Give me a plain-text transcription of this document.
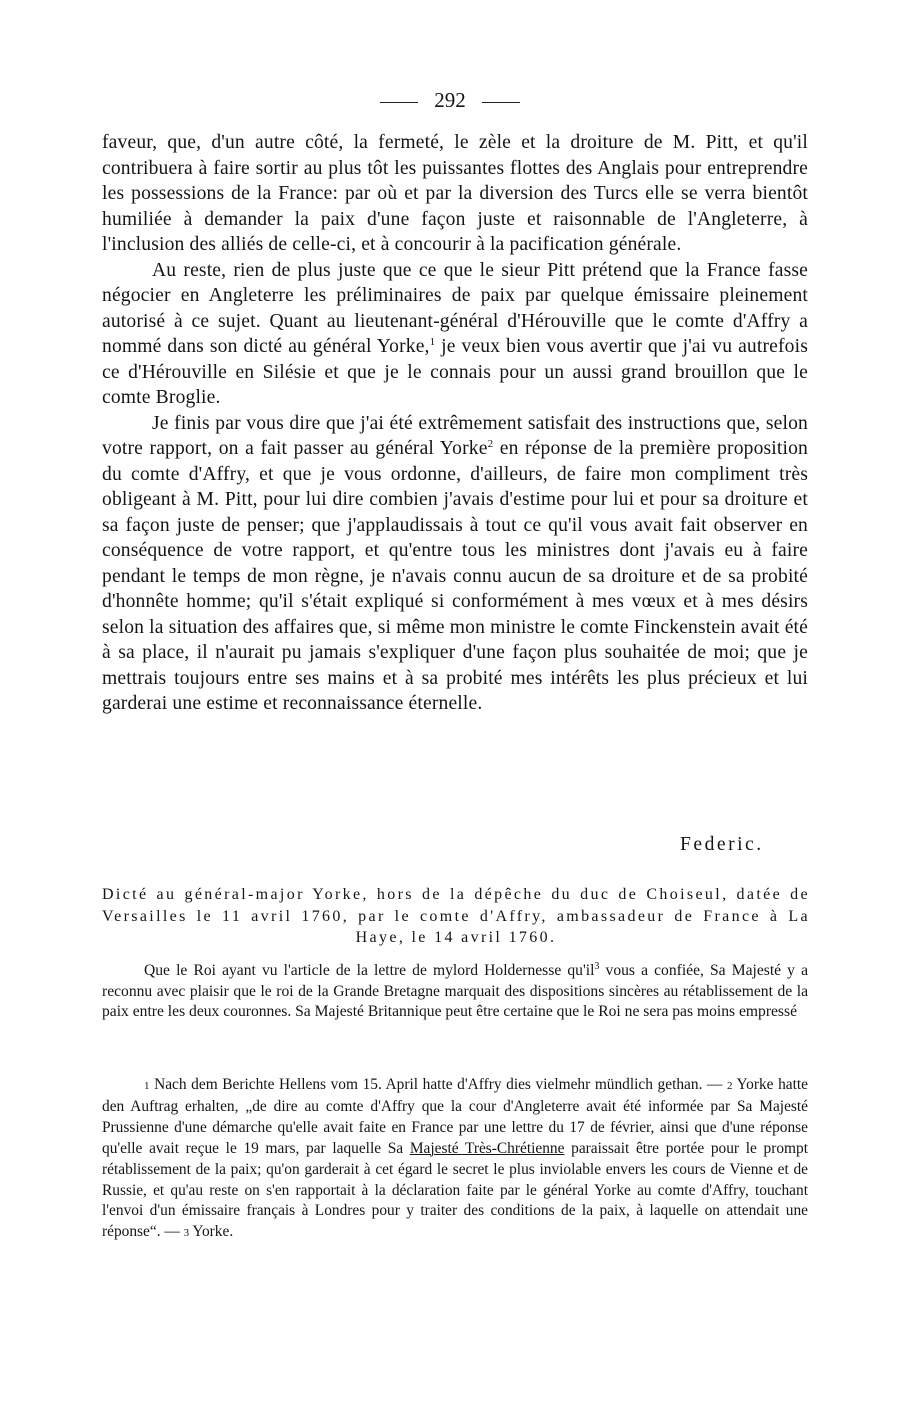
292

faveur, que, d'un autre côté, la fermeté, le zèle et la droiture de M. Pitt, et qu'il contribuera à faire sortir au plus tôt les puissantes flottes des Anglais pour entreprendre les possessions de la France: par où et par la diversion des Turcs elle se verra bientôt humiliée à demander la paix d'une façon juste et raisonnable de l'Angleterre, à l'inclusion des alliés de celle-ci, et à concourir à la pacification générale.

Au reste, rien de plus juste que ce que le sieur Pitt prétend que la France fasse négocier en Angleterre les préliminaires de paix par quelque émissaire pleinement autorisé à ce sujet. Quant au lieutenant-général d'Hérouville que le comte d'Affry a nommé dans son dicté au général Yorke,$^1$ je veux bien vous avertir que j'ai vu autrefois ce d'Hérouville en Silésie et que je le connais pour un aussi grand brouillon que le comte Broglie.

Je finis par vous dire que j'ai été extrêmement satisfait des instructions que, selon votre rapport, on a fait passer au général Yorke$^2$ en réponse de la première proposition du comte d'Affry, et que je vous ordonne, d'ailleurs, de faire mon compliment très obligeant à M. Pitt, pour lui dire combien j'avais d'estime pour lui et pour sa droiture et sa façon juste de penser; que j'applaudissais à tout ce qu'il vous avait fait observer en conséquence de votre rapport, et qu'entre tous les ministres dont j'avais eu à faire pendant le temps de mon règne, je n'avais connu aucun de sa droiture et de sa probité d'honnête homme; qu'il s'était expliqué si conformément à mes vœux et à mes désirs selon la situation des affaires que, si même mon ministre le comte Finckenstein avait été à sa place, il n'aurait pu jamais s'expliquer d'une façon plus souhaitée de moi; que je mettrais toujours entre ses mains et à sa probité mes intérêts les plus précieux et lui garderai une estime et reconnaissance éternelle.

Federic.
Dicté au général-major Yorke, hors de la dépêche du duc de Choiseul, datée de Versailles le 11 avril 1760, par le comte d'Affry, ambassadeur de France à La Haye, le 14 avril 1760.

Que le Roi ayant vu l'article de la lettre de mylord Holdernesse $qu'il^3$ vous a confiée, Sa Majesté y a reconnu avec plaisir que le roi de la Grande Bretagne marquait des dispositions sincères au rétablissement de la paix entre les deux couronnes. Sa Majesté Britannique peut être certaine que le Roi ne sera pas moins empressé

1 Nach dem Berichte Hellens vom 15. April hatte d'Affry dies vielmehr mündlich gethan. — 2 Yorke hatte den Auftrag erhalten, „de dire au comte d'Affry que la cour d'Angleterre avait été informée par Sa Majesté Prussienne d'une démarche qu'elle avait faite en France par une lettre du 17 de février, ainsi que d'une réponse qu'elle avait reçue le 19 mars, par laquelle Sa Majesté Très-Chrétienne paraissait être portée pour le prompt rétablissement de la paix; qu'on garderait à cet égard le secret le plus inviolable envers les cours de Vienne et de Russie, et qu'au reste on s'en rapportait à la déclaration faite par le général Yorke au comte d'Affry, touchant l'envoi d'un émissaire français à Londres pour y traiter des conditions de la paix, à laquelle on attendait une réponse“. — 3 Yorke.
